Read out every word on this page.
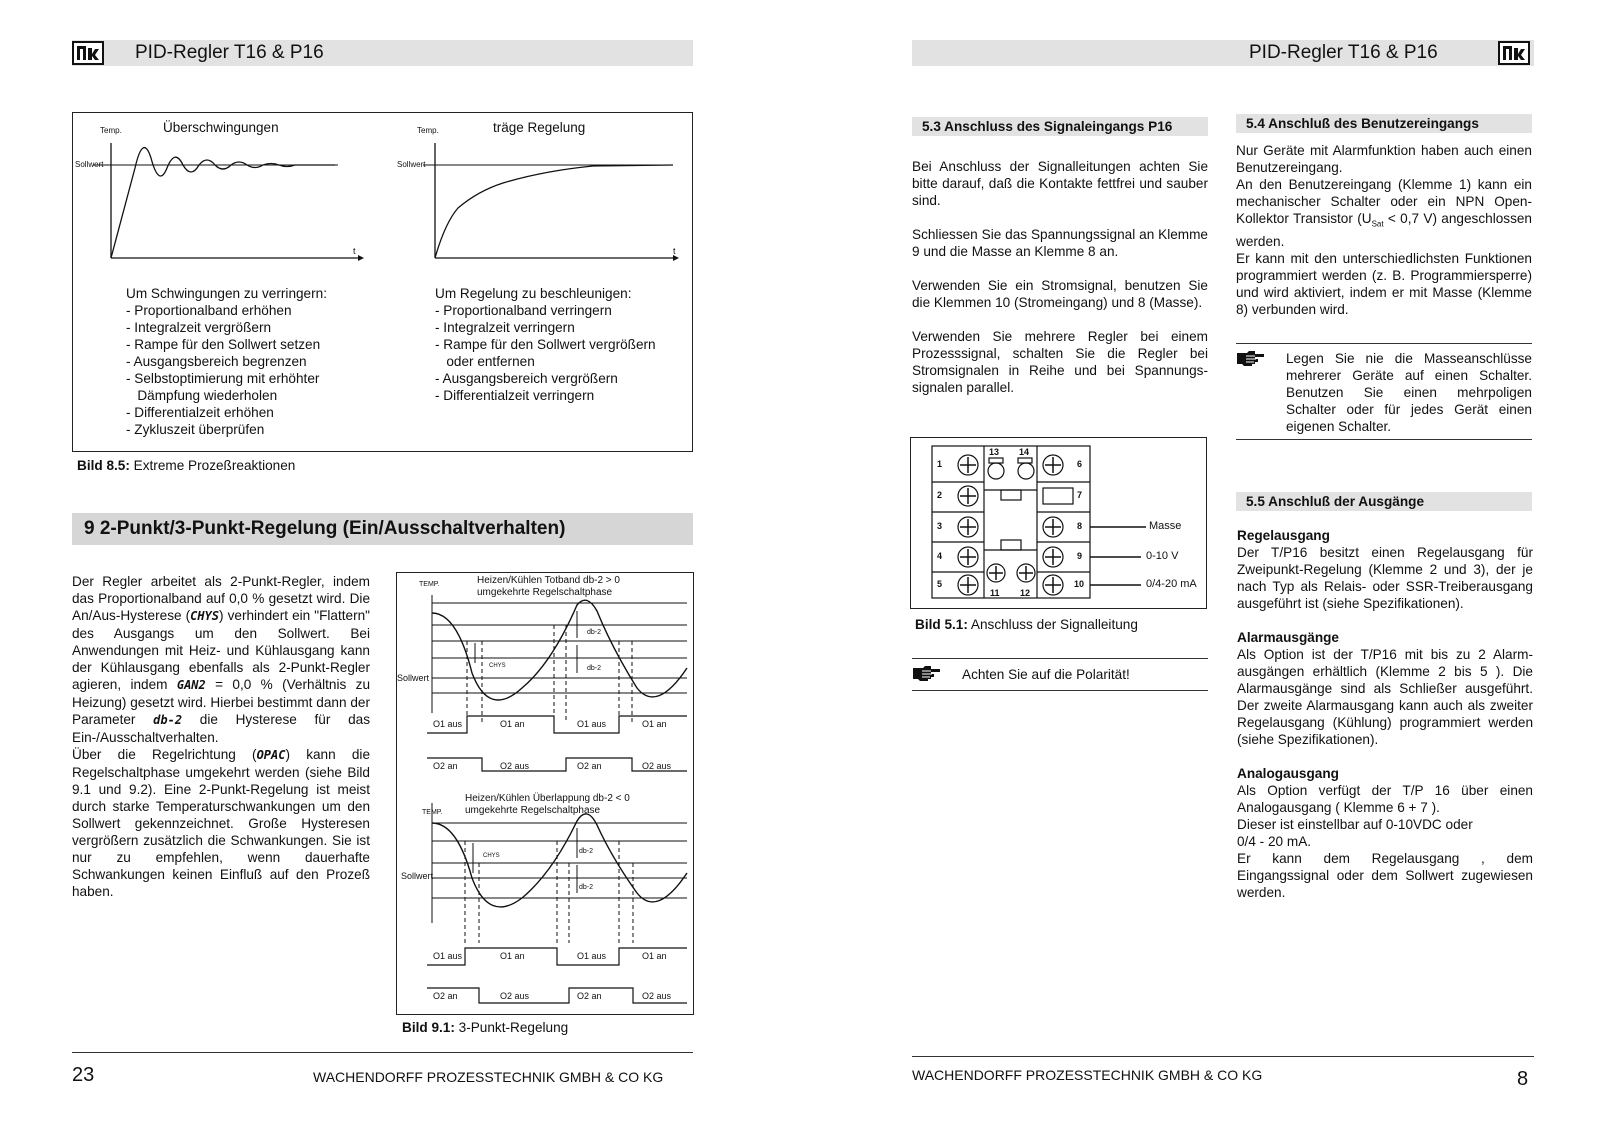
PID-Regler T16 & P16
Temp.	Überschwingungen
Sollwert
t
Temp.	träge Regelung
Sollwert
t
Um Schwingungen zu verringern:
- Proportionalband erhöhen
- Integralzeit vergrößern
- Rampe für den Sollwert setzen
- Ausgangsbereich begrenzen
- Selbstoptimierung mit erhöhter
Dämpfung wiederholen
- Differentialzeit erhöhen
- Zykluszeit überprüfen
Um Regelung zu beschleunigen:
- Proportionalband verringern
- Integralzeit verringern
- Rampe für den Sollwert vergrößern
oder entfernen
- Ausgangsbereich vergrößern
- Differentialzeit verringern
Bild 8.5: Extreme Prozeßreaktionen
9 2-Punkt/3-Punkt-Regelung (Ein/Ausschaltverhalten)
Der Regler arbeitet als 2-Punkt-Regler, indem das Proportionalband auf 0,0 % gesetzt wird. Die An/Aus-Hysterese (CHYS) verhindert ein "Flattern" des Ausgangs um den Sollwert. Bei Anwendungen mit Heiz- und Kühlausgang kann der Kühlausgang ebenfalls als 2-Punkt-Regler agieren, indem GAN2 = 0,0 % (Verhältnis zu Heizung) gesetzt wird. Hierbei bestimmt dann der Parameter db-2 die Hysterese für das Ein-/Ausschaltverhalten.
Über die Regelrichtung (OPAC) kann die Regelschaltphase umgekehrt werden (siehe Bild 9.1 und 9.2). Eine 2-Punkt-Regelung ist meist durch starke Temperaturschwankungen um den Sollwert gekennzeichnet. Große Hysteresen vergrößern zusätzlich die Schwankungen. Sie ist nur zu empfehlen, wenn dauerhafte Schwankungen keinen Einfluß auf den Prozeß haben.
Heizen/Kühlen Totband db-2 > 0
umgekehrte Regelschaltphase
TEMP.
Sollwert
CHYS
db-2
db-2
O1 aus	O1 an	O1 aus	O1 an
O2 an	O2 aus	O2 an	O2 aus
Heizen/Kühlen Überlappung db-2 < 0
umgekehrte Regelschaltphase
TEMP.
Sollwert
CHYS
db-2
db-2
O1 aus	O1 an	O1 aus	O1 an
O2 an	O2 aus	O2 an	O2 aus
Bild 9.1: 3-Punkt-Regelung
23	WACHENDORFF PROZESSTECHNIK GMBH & CO KG
PID-Regler T16 & P16
5.3 Anschluss des Signaleingangs P16

Bei Anschluss der Signalleitungen achten Sie bitte darauf, daß die Kontakte fettfrei und sauber sind.

Schliessen Sie das Spannungssignal an Klemme 9 und die Masse an Klemme 8 an.

Verwenden Sie ein Stromsignal, benutzen Sie die Klemmen 10 (Stromeingang) und 8 (Masse).

Verwenden Sie mehrere Regler bei einem Prozesssignal, schalten Sie die Regler bei Stromsignalen in Reihe und bei Spannungs-signalen parallel.

1
2
3
4
5
6
7
8
9
10
13 14
11 12
Masse
0-10 V
0/4-20 mA
Bild 5.1: Anschluss der Signalleitung
Achten Sie auf die Polarität!
5.4 Anschluß des Benutzereingangs

Nur Geräte mit Alarmfunktion haben auch einen Benutzereingang.

An den Benutzereingang (Klemme 1) kann ein mechanischer Schalter oder ein NPN Open-Kollektor Transistor ($U_{Sat} < 0,7$ V) angeschlossen werden.

Er kann mit den unterschiedlichsten Funktionen programmiert werden (z. B. Programmiersperre) und wird aktiviert, indem er mit Masse (Klemme 8) verbunden wird.

Legen Sie nie die Masseanschlüsse mehrerer Geräte auf einen Schalter. Benutzen Sie einen mehrpoligen Schalter oder für jedes Gerät einen eigenen Schalter.
5.5 Anschluß der Ausgänge

Regelausgang

Der T/P16 besitzt einen Regelausgang für Zweipunkt-Regelung (Klemme 2 und 3), der je nach Typ als Relais- oder SSR-Treiberausgang ausgeführt ist (siehe Spezifikationen).

Alarmausgänge

Als Option ist der T/P16 mit bis zu 2 Alarm-ausgängen erhältlich (Klemme 2 bis 5 ). Die Alarmausgänge sind als Schließer ausgeführt. Der zweite Alarmausgang kann auch als zweiter Regelausgang (Kühlung) programmiert werden (siehe Spezifikationen).

Analogausgang

Als Option verfügt der T/P 16 über einen Analogausgang ( Klemme 6 + 7 ).

Dieser ist einstellbar auf 0-10VDC oder

0/4 - 20 mA.

Er kann dem Regelausgang , dem Eingangssignal oder dem Sollwert zugewiesen werden.

WACHENDORFF PROZESSTECHNIK GMBH & CO KG	8
